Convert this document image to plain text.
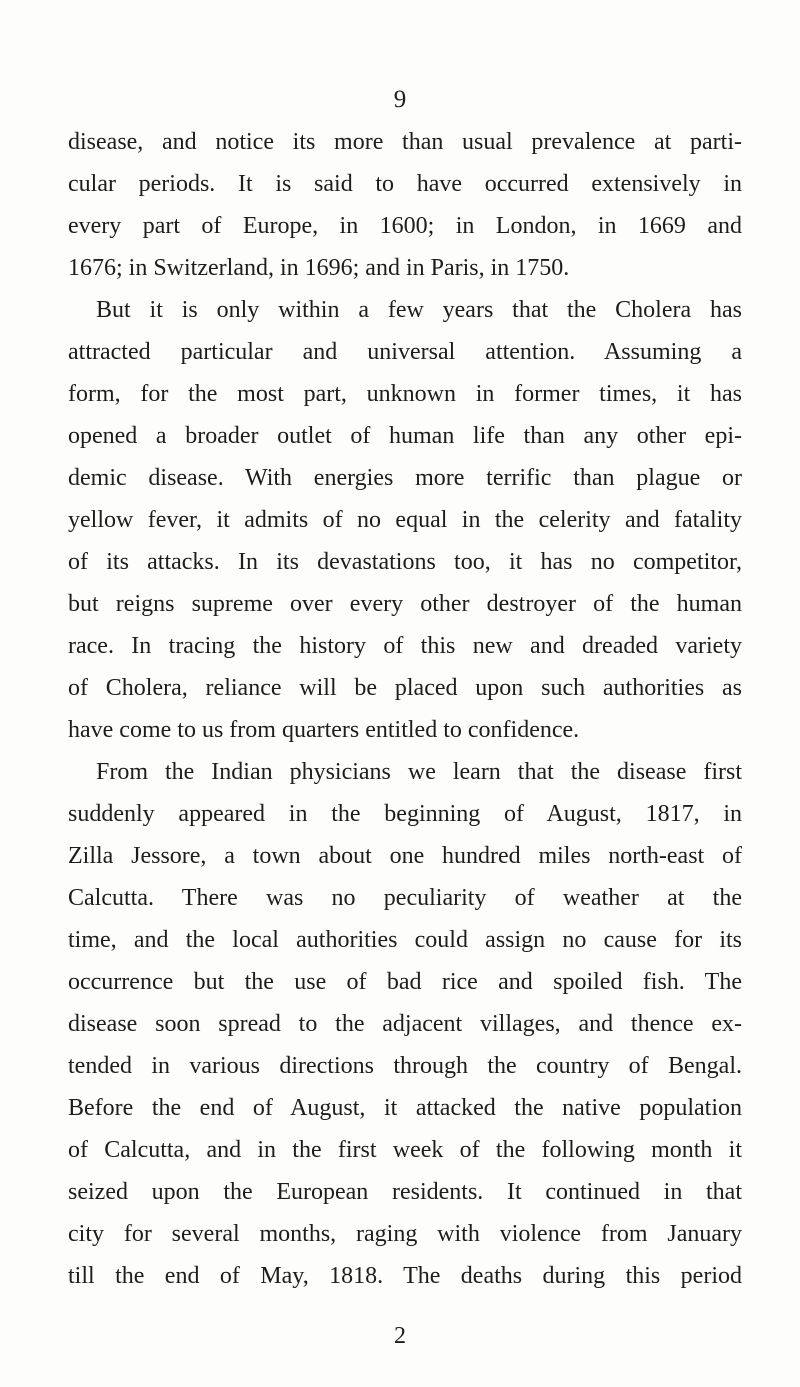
9
disease, and notice its more than usual prevalence at parti-
cular periods. It is said to have occurred extensively in
every part of Europe, in 1600; in London, in 1669 and
1676; in Switzerland, in 1696; and in Paris, in 1750.
But it is only within a few years that the Cholera has
attracted particular and universal attention. Assuming a
form, for the most part, unknown in former times, it has
opened a broader outlet of human life than any other epi-
demic disease. With energies more terrific than plague or
yellow fever, it admits of no equal in the celerity and fatality
of its attacks. In its devastations too, it has no competitor,
but reigns supreme over every other destroyer of the human
race. In tracing the history of this new and dreaded variety
of Cholera, reliance will be placed upon such authorities as
have come to us from quarters entitled to confidence.
From the Indian physicians we learn that the disease first
suddenly appeared in the beginning of August, 1817, in
Zilla Jessore, a town about one hundred miles north-east of
Calcutta. There was no peculiarity of weather at the
time, and the local authorities could assign no cause for its
occurrence but the use of bad rice and spoiled fish. The
disease soon spread to the adjacent villages, and thence ex-
tended in various directions through the country of Bengal.
Before the end of August, it attacked the native population
of Calcutta, and in the first week of the following month it
seized upon the European residents. It continued in that
city for several months, raging with violence from January
till the end of May, 1818. The deaths during this period
2
